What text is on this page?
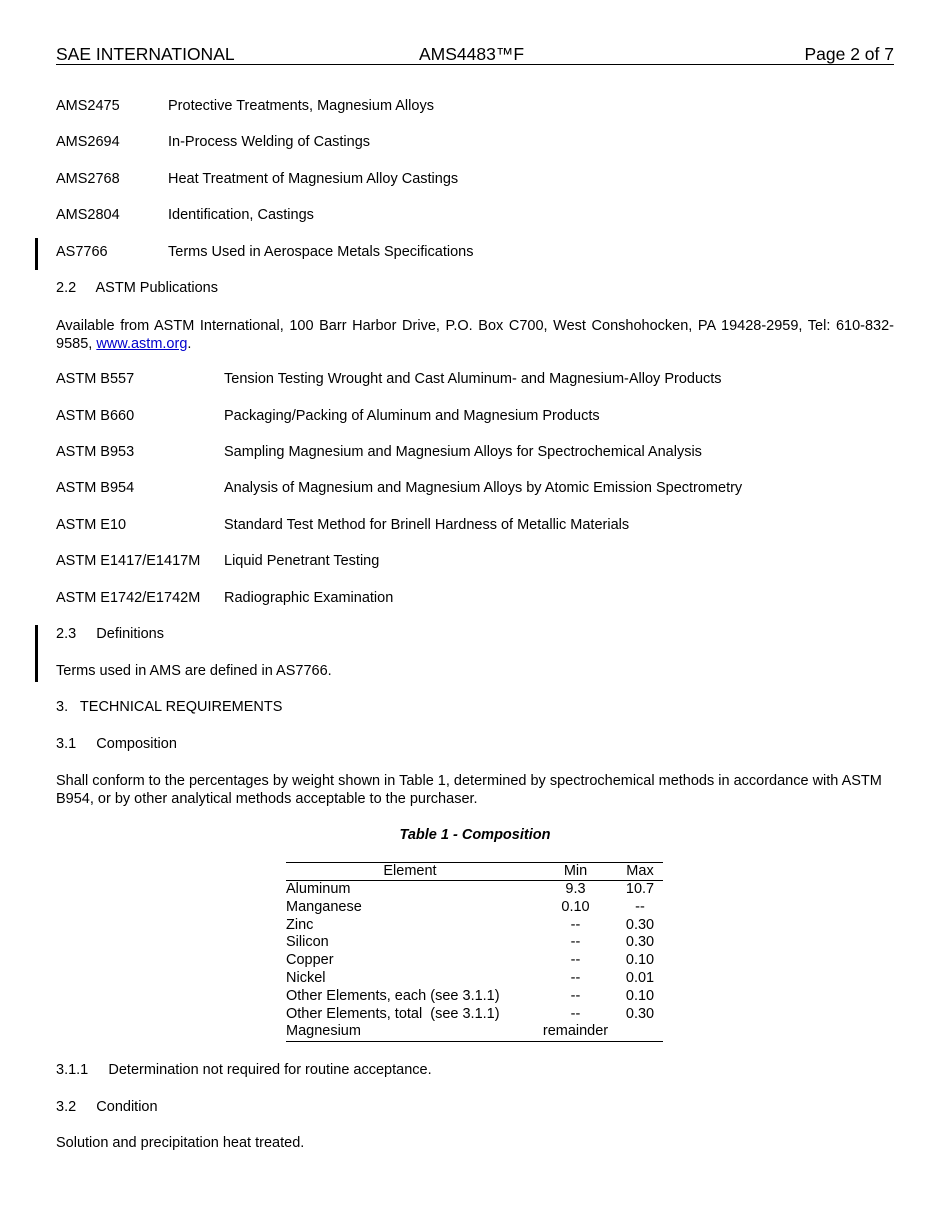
SAE INTERNATIONAL	AMS4483™F	Page 2 of 7
AMS2475	Protective Treatments, Magnesium Alloys
AMS2694	In-Process Welding of Castings
AMS2768	Heat Treatment of Magnesium Alloy Castings
AMS2804	Identification, Castings
AS7766	Terms Used in Aerospace Metals Specifications
2.2     ASTM Publications
Available from ASTM International, 100 Barr Harbor Drive, P.O. Box C700, West Conshohocken, PA 19428-2959, Tel: 610-832-9585, www.astm.org.
ASTM B557	Tension Testing Wrought and Cast Aluminum- and Magnesium-Alloy Products
ASTM B660	Packaging/Packing of Aluminum and Magnesium Products
ASTM B953	Sampling Magnesium and Magnesium Alloys for Spectrochemical Analysis
ASTM B954	Analysis of Magnesium and Magnesium Alloys by Atomic Emission Spectrometry
ASTM E10	Standard Test Method for Brinell Hardness of Metallic Materials
ASTM E1417/E1417M Liquid Penetrant Testing
ASTM E1742/E1742M Radiographic Examination
2.3     Definitions
Terms used in AMS are defined in AS7766.
3.   TECHNICAL REQUIREMENTS
3.1     Composition
Shall conform to the percentages by weight shown in Table 1, determined by spectrochemical methods in accordance with ASTM B954, or by other analytical methods acceptable to the purchaser.
Table 1 - Composition
Element	Min	Max
Aluminum	9.3	10.7
Manganese	0.10	--
Zinc	--	0.30
Silicon	--	0.30
Copper	--	0.10
Nickel	--	0.01
Other Elements, each (see 3.1.1)	--	0.10
Other Elements, total  (see 3.1.1)	--	0.30
Magnesium	remainder	
3.1.1     Determination not required for routine acceptance.
3.2     Condition
Solution and precipitation heat treated.
